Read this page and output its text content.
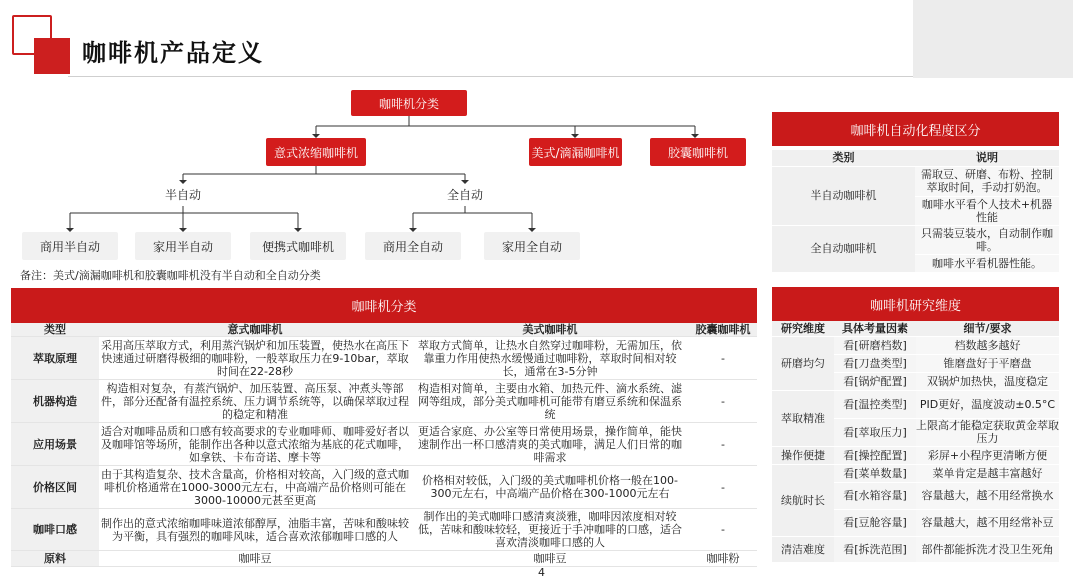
咖啡机产品定义
咖啡机分类
意式浓缩咖啡机	美式/滴漏咖啡机	胶囊咖啡机
半自动	全自动
商用半自动	家用半自动	便携式咖啡机	商用全自动	家用全自动
备注：美式/滴漏咖啡机和胶囊咖啡机没有半自动和全自动分类
咖啡机分类
类型	意式咖啡机	美式咖啡机	胶囊咖啡机
萃取原理	采用高压萃取方式，利用蒸汽锅炉和加压装置，使热水在高压下快速通过研磨得极细的咖啡粉，一般萃取压力在9-10bar，萃取时间在22-28秒	萃取方式简单，让热水自然穿过咖啡粉，无需加压，依靠重力作用使热水缓慢通过咖啡粉，萃取时间相对较长，通常在3-5分钟	-
机器构造	构造相对复杂，有蒸汽锅炉、加压装置、高压泵、冲煮头等部件，部分还配备有温控系统、压力调节系统等，以确保萃取过程的稳定和精准	构造相对简单，主要由水箱、加热元件、滴水系统、滤网等组成，部分美式咖啡机可能带有磨豆系统和保温系统	-
应用场景	适合对咖啡品质和口感有较高要求的专业咖啡师、咖啡爱好者以及咖啡馆等场所，能制作出各种以意式浓缩为基底的花式咖啡，如拿铁、卡布奇诺、摩卡等	更适合家庭、办公室等日常使用场景，操作简单，能快速制作出一杯口感清爽的美式咖啡，满足人们日常的咖啡需求	-
价格区间	由于其构造复杂、技术含量高，价格相对较高，入门级的意式咖啡机价格通常在1000-3000元左右，中高端产品价格则可能在3000-10000元甚至更高	价格相对较低，入门级的美式咖啡机价格一般在100-300元左右，中高端产品价格在300-1000元左右	-
咖啡口感	制作出的意式浓缩咖啡味道浓郁醇厚，油脂丰富，苦味和酸味较为平衡，具有强烈的咖啡风味，适合喜欢浓郁咖啡口感的人	制作出的美式咖啡口感清爽淡雅，咖啡因浓度相对较低，苦味和酸味较轻，更接近于手冲咖啡的口感，适合喜欢清淡咖啡口感的人	-
原料	咖啡豆	咖啡豆	咖啡粉
咖啡机自动化程度区分
类别	说明
半自动咖啡机	需取豆、研磨、布粉、控制萃取时间，手动打奶泡。
	咖啡水平看个人技术+机器性能
全自动咖啡机	只需装豆装水，自动制作咖啡。
	咖啡水平看机器性能。
咖啡机研究维度
研究维度	具体考量因素	细节/要求
研磨均匀	看[研磨档数]	档数越多越好
	看[刀盘类型]	锥磨盘好于平磨盘
	看[锅炉配置]	双锅炉加热快，温度稳定
萃取精准	看[温控类型]	PID更好，温度波动±0.5°C
	看[萃取压力]	上限高才能稳定获取黄金萃取压力
操作便捷	看[操控配置]	彩屏+小程序更清晰方便
续航时长	看[菜单数量]	菜单肯定是越丰富越好
	看[水箱容量]	容量越大，越不用经常换水
	看[豆舱容量]	容量越大，越不用经常补豆
清洁难度	看[拆洗范围]	部件都能拆洗才没卫生死角
4
